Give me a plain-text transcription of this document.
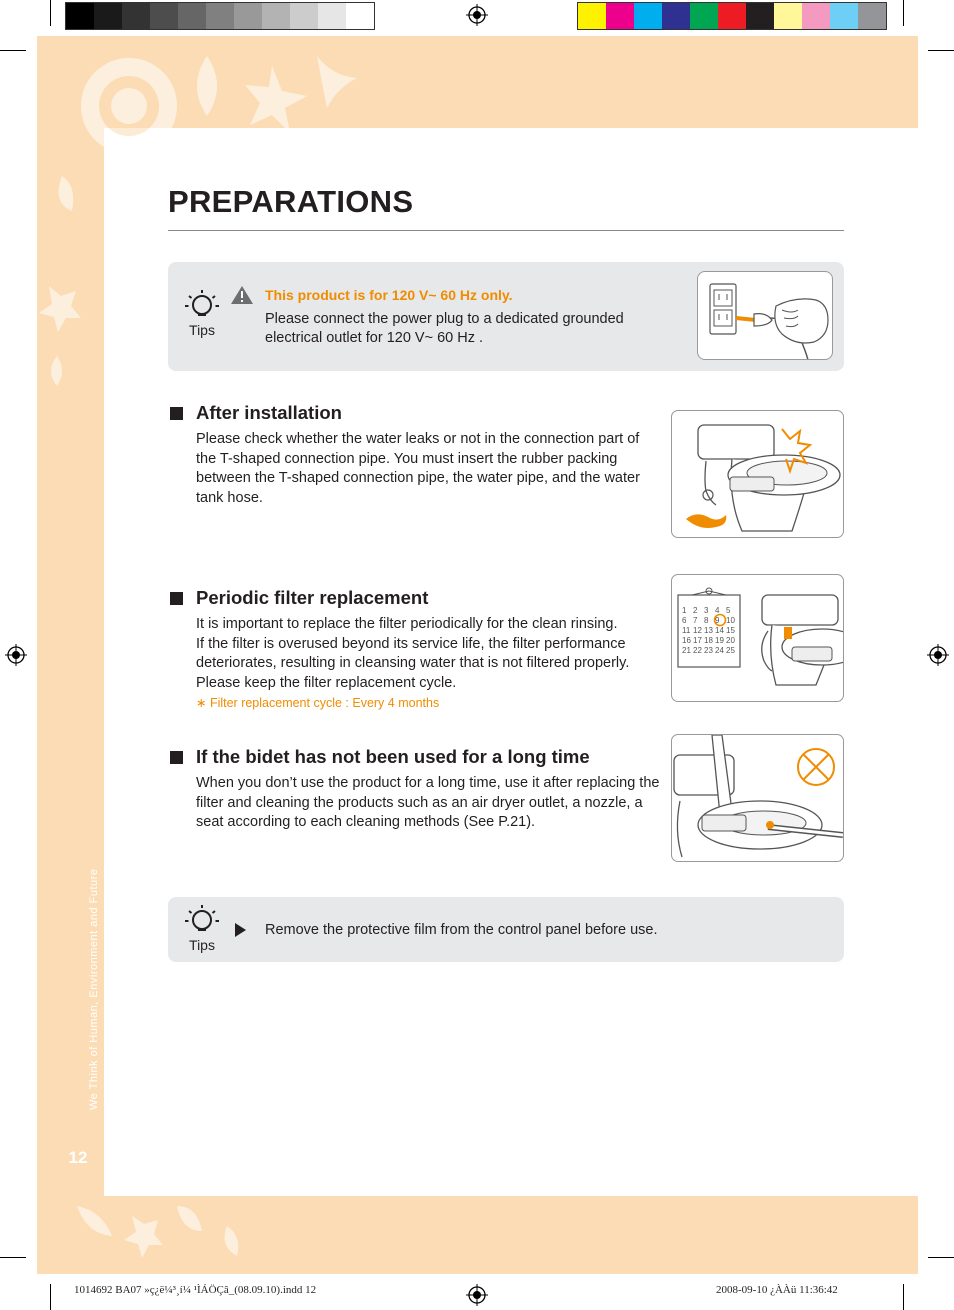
We Think of Human, Environment and Future
12
PREPARATIONS
Tips
This product is for 120 V~ 60 Hz only.
Please connect the power plug to a dedicated grounded electrical outlet for 120 V~ 60 Hz .
After installation
Please check whether the water leaks or not in the connection part of the T-shaped connection pipe. You must insert the rubber packing between the T-shaped connection pipe, the water pipe, and the water tank hose.
Periodic filter replacement
It is important to replace the filter periodically for the clean rinsing.
If the filter is overused beyond its service life, the filter performance deteriorates, resulting in cleansing water that is not filtered properly.
Please keep the filter replacement cycle.
∗ Filter replacement cycle : Every 4 months
1 2 3 4 5
6 7 8 9 10
11 12 13 14 15
16 17 18 19 20
21 22 23 24 25
If the bidet has not been used for a long time
When you don’t use the product for a long time, use it after replacing the filter and cleaning the products such as an air dryer outlet, a nozzle, a seat according to each cleaning methods (See P.21).
Tips
Remove the protective film from the control panel before use.
1014692 BA07 »ç¿ë¼³¸í¼ ¹ÌÁÖÇâ_(08.09.10).indd 12	2008-09-10 ¿ÀÀü 11:36:42
